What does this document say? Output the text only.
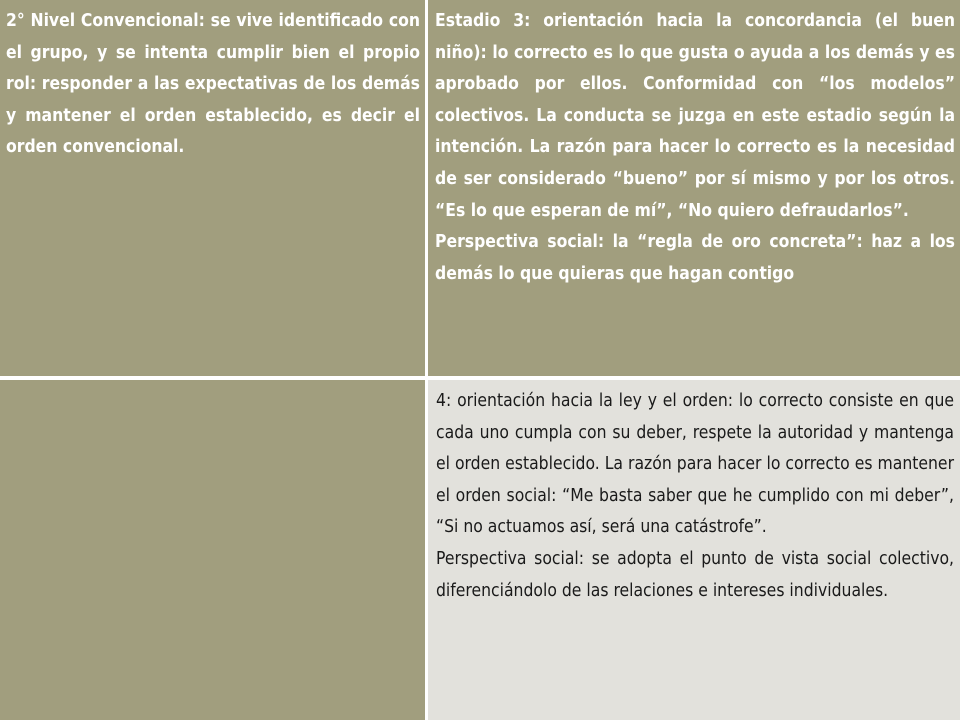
2° Nivel Convencional: se vive identificado con el grupo, y se intenta cumplir bien el propio rol: responder a las expectativas de los demás y mantener el orden establecido, es decir el orden convencional.

Estadio 3: orientación hacia la concordancia (el buen niño): lo correcto es lo que gusta o ayuda a los demás y es aprobado por ellos. Conformidad con “los modelos” colectivos. La conducta se juzga en este estadio según la intención. La razón para hacer lo correcto es la necesidad de ser considerado “bueno” por sí mismo y por los otros. “Es lo que esperan de mí”, “No quiero defraudarlos”.

Perspectiva social: la “regla de oro concreta”: haz a los demás lo que quieras que hagan contigo

4: orientación hacia la ley y el orden: lo correcto consiste en que cada uno cumpla con su deber, respete la autoridad y mantenga el orden establecido. La razón para hacer lo correcto es mantener el orden social: “Me basta saber que he cumplido con mi deber”, “Si no actuamos así, será una catástrofe”.

Perspectiva social: se adopta el punto de vista social colectivo, diferenciándolo de las relaciones e intereses individuales.
